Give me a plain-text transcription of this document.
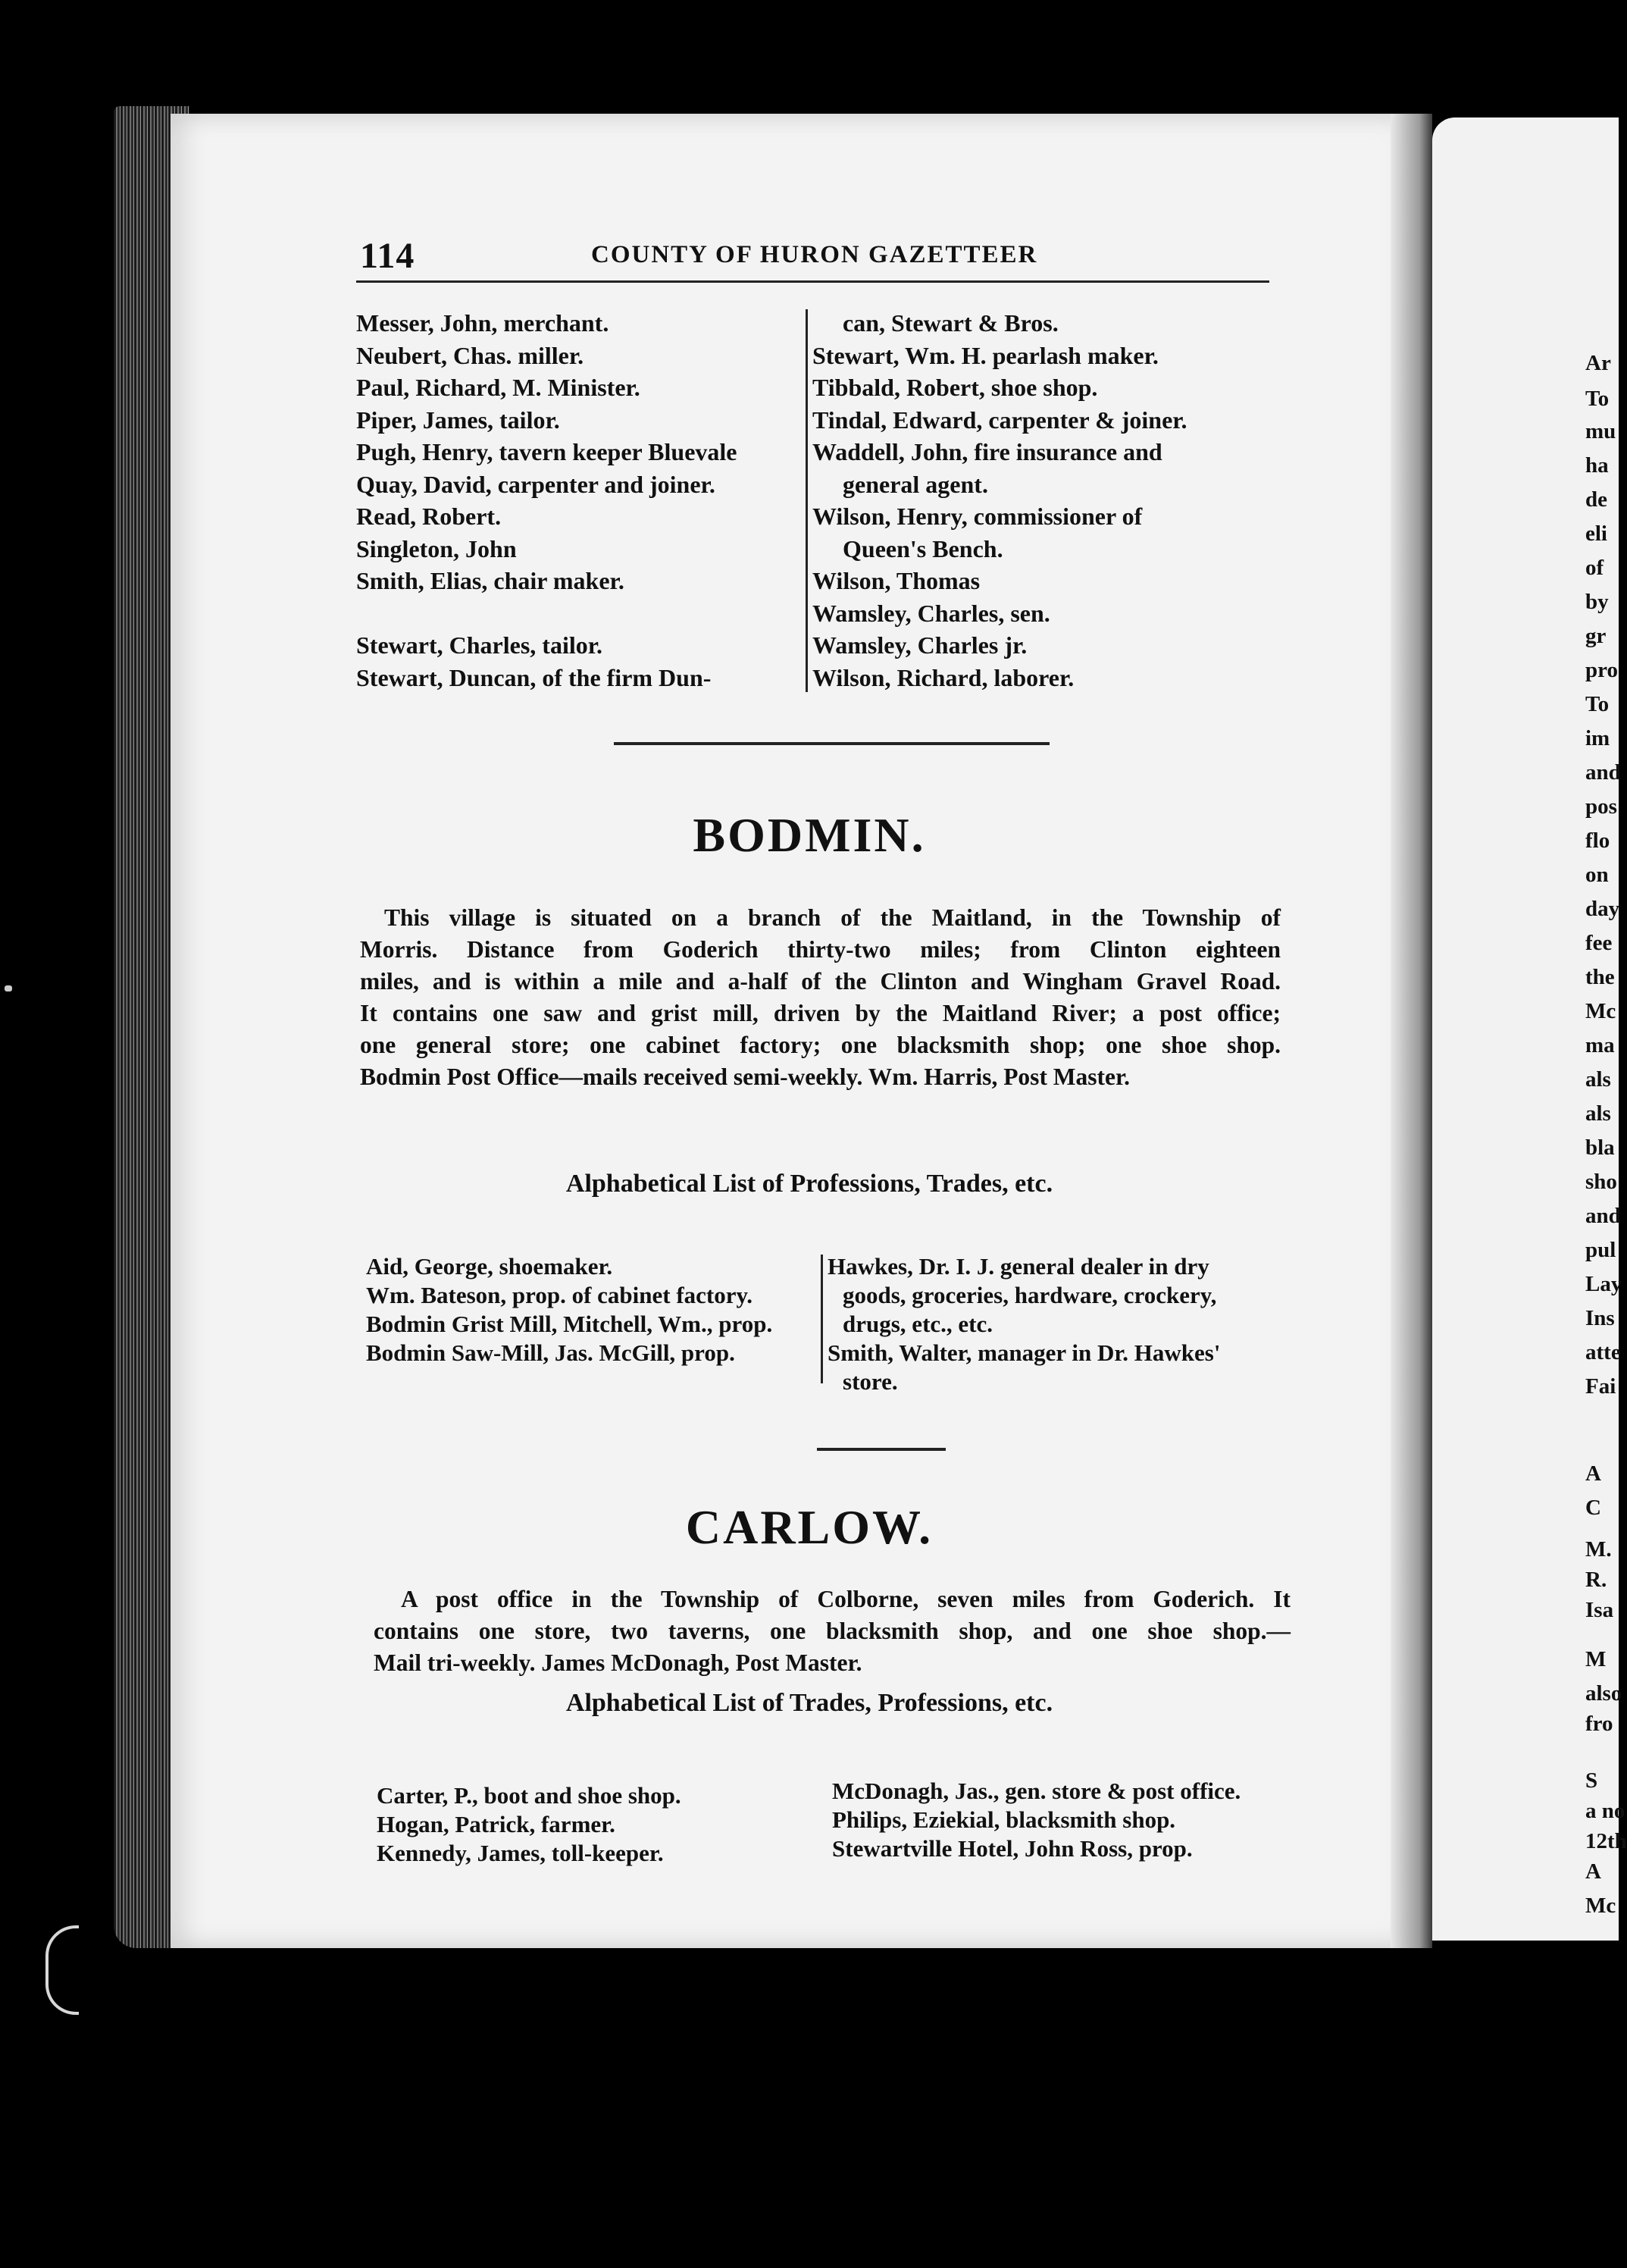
Ar
To
mu
ha
de
eli
of
by
gr
pro
To
im
and
pos
flo
on
day
fee
the
Mc
ma
als
als
bla
sho
and
pul
Lay
Ins
atte
Fai
A
C
M.
R.
Isa
M
also
fro
S
a no
12th
A
Mc
114	COUNTY OF HURON GAZETTEER
Messer, John, merchant.
Neubert, Chas. miller.
Paul, Richard, M. Minister.
Piper, James, tailor.
Pugh, Henry, tavern keeper Bluevale
Quay, David, carpenter and joiner.
Read, Robert.
Singleton, John
Smith, Elias, chair maker.
Stewart, Charles, tailor.
Stewart, Duncan, of the firm Dun-
can, Stewart & Bros.
Stewart, Wm. H. pearlash maker.
Tibbald, Robert, shoe shop.
Tindal, Edward, carpenter & joiner.
Waddell, John, fire insurance and
general agent.
Wilson, Henry, commissioner of
Queen's Bench.
Wilson, Thomas
Wamsley, Charles, sen.
Wamsley, Charles jr.
Wilson, Richard, laborer.
BODMIN.
This village is situated on a branch of the Maitland, in the Township of
Morris. Distance from Goderich thirty-two miles; from Clinton eighteen
miles, and is within a mile and a-half of the Clinton and Wingham Gravel Road.
It contains one saw and grist mill, driven by the Maitland River; a post office;
one general store; one cabinet factory; one blacksmith shop; one shoe shop.
Bodmin Post Office—mails received semi-weekly. Wm. Harris, Post Master.
Alphabetical List of Professions, Trades, etc.
Aid, George, shoemaker.
Wm. Bateson, prop. of cabinet factory.
Bodmin Grist Mill, Mitchell, Wm., prop.
Bodmin Saw-Mill, Jas. McGill, prop.
Hawkes, Dr. I. J. general dealer in dry
goods, groceries, hardware, crockery,
drugs, etc., etc.
Smith, Walter, manager in Dr. Hawkes'
store.
CARLOW.
A post office in the Township of Colborne, seven miles from Goderich. It
contains one store, two taverns, one blacksmith shop, and one shoe shop.—
Mail tri-weekly. James McDonagh, Post Master.
Alphabetical List of Trades, Professions, etc.
Carter, P., boot and shoe shop.
Hogan, Patrick, farmer.
Kennedy, James, toll-keeper.
McDonagh, Jas., gen. store & post office.
Philips, Eziekial, blacksmith shop.
Stewartville Hotel, John Ross, prop.
